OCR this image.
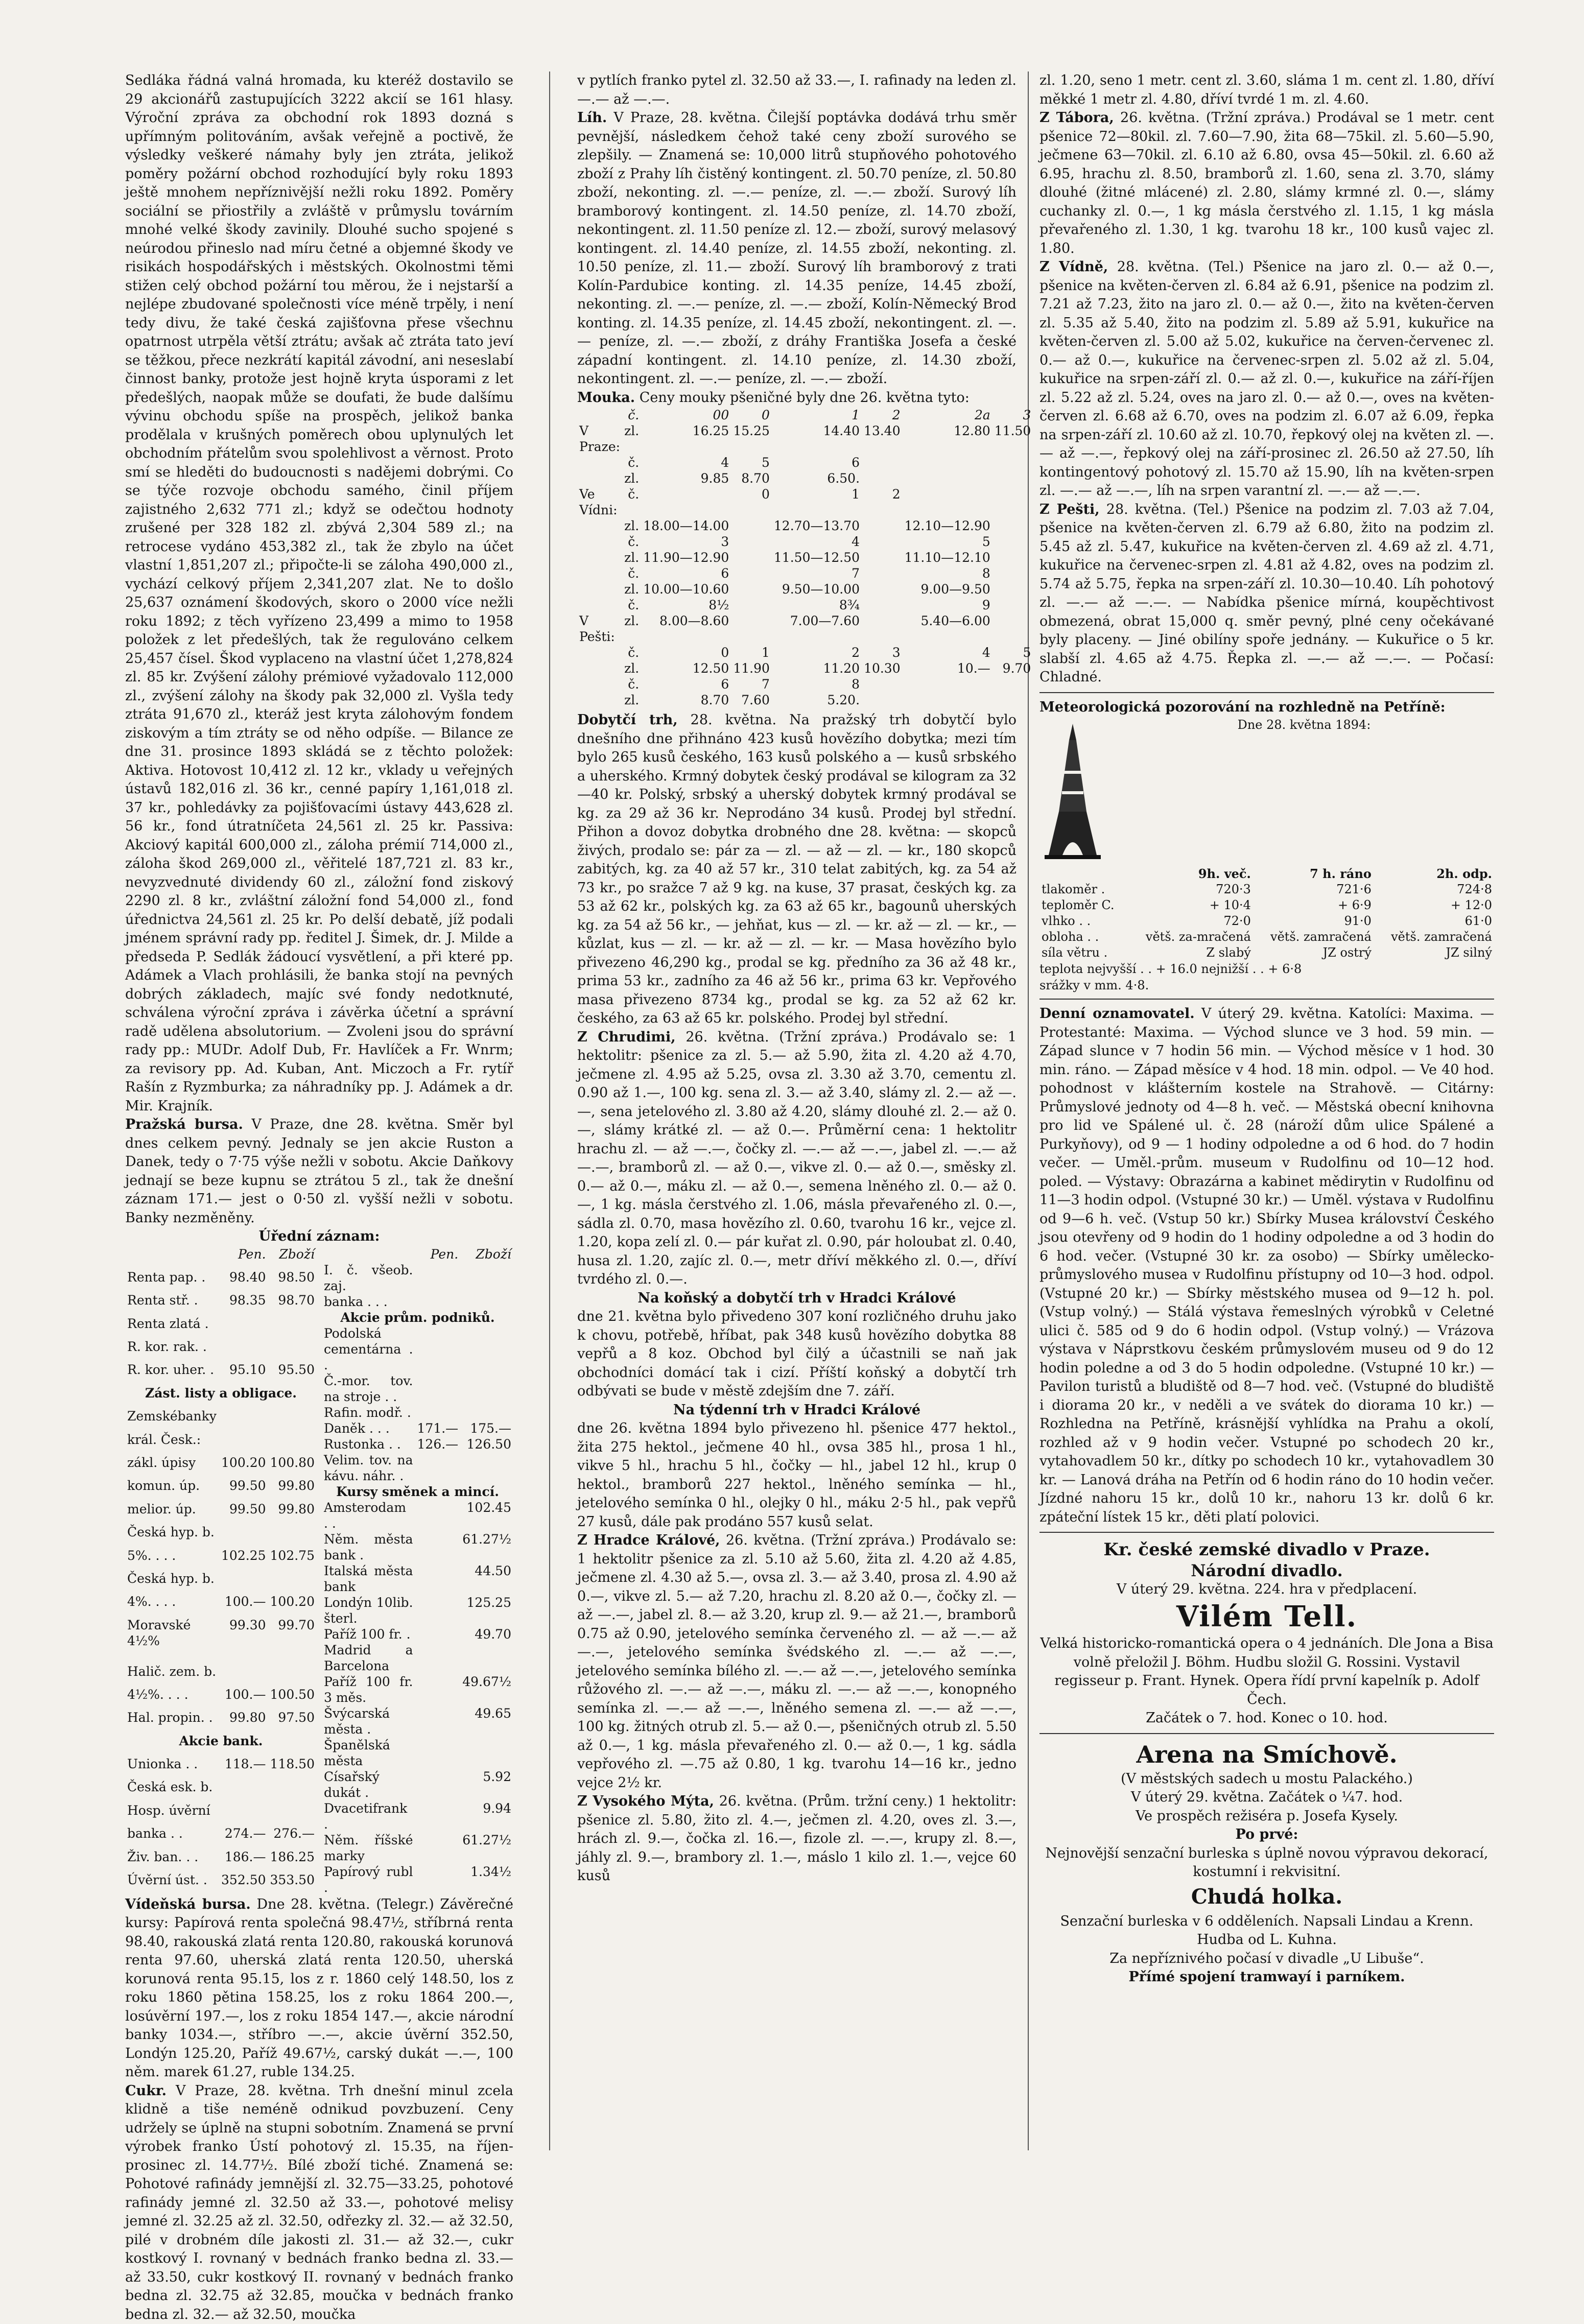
Sedláka řádná valná hromada, ku kteréž dostavilo se 29 akcionářů zastupujících 3222 akcií se 161 hlasy. Výroční zpráva za obchodní rok 1893 dozná s upřímným politováním, avšak veřejně a poctivě, že výsledky veškeré námahy byly jen ztráta, jelikož poměry požární obchod rozhodující byly roku 1893 ještě mnohem nepříznivější nežli roku 1892. Poměry sociální se přiostřily a zvláště v průmyslu továrním mnohé velké škody zavinily. Dlouhé sucho spojené s neúrodou přineslo nad míru četné a objemné škody ve risikách hospodářských i městských. Okolnostmi těmi stižen celý obchod požární tou měrou, že i nejstarší a nejlépe zbudované společnosti více méně trpěly, i není tedy divu, že také česká zajišťovna přese všechnu opatrnost utrpěla větší ztrátu; avšak ač ztráta tato jeví se těžkou, přece nezkrátí kapitál závodní, ani neseslabí činnost banky, protože jest hojně kryta úsporami z let předešlých, naopak může se doufati, že bude dalšímu vývinu obchodu spíše na prospěch, jelikož banka prodělala v krušných poměrech obou uplynulých let obchodním přátelům svou spolehlivost a věrnost. Proto smí se hleděti do budoucnosti s nadějemi dobrými. Co se týče rozvoje obchodu samého, činil příjem zajistného 2,632 771 zl.; když se odečtou hodnoty zrušené per 328 182 zl. zbývá 2,304 589 zl.; na retrocese vydáno 453,382 zl., tak že zbylo na účet vlastní 1,851,207 zl.; připočte-li se záloha 490,000 zl., vychází celkový příjem 2,341,207 zlat. Ne to došlo 25,637 oznámení škodových, skoro o 2000 více nežli roku 1892; z těch vyřízeno 23,499 a mimo to 1958 položek z let předešlých, tak že regulováno celkem 25,457 čísel. Škod vyplaceno na vlastní účet 1,278,824 zl. 85 kr. Zvýšení zálohy prémiové vyžadovalo 112,000 zl., zvýšení zálohy na škody pak 32,000 zl. Vyšla tedy ztráta 91,670 zl., kteráž jest kryta zálohovým fondem ziskovým a tím ztráty se od něho odpíše. — Bilance ze dne 31. prosince 1893 skládá se z těchto položek: Aktiva. Hotovost 10,412 zl. 12 kr., vklady u veřejných ústavů 182,016 zl. 36 kr., cenné papíry 1,161,018 zl. 37 kr., pohledávky za pojišťovacími ústavy 443,628 zl. 56 kr., fond útratníčeta 24,561 zl. 25 kr. Passiva: Akciový kapitál 600,000 zl., záloha prémií 714,000 zl., záloha škod 269,000 zl., věřitelé 187,721 zl. 83 kr., nevyzvednuté dividendy 60 zl., záložní fond ziskový 2290 zl. 8 kr., zvláštní záložní fond 54,000 zl., fond úřednictva 24,561 zl. 25 kr. Po delší debatě, jíž podali jménem správní rady pp. ředitel J. Šimek, dr. J. Milde a předseda P. Sedlák žádoucí vysvětlení, a při které pp. Adámek a Vlach prohlásili, že banka stojí na pevných dobrých základech, majíc své fondy nedotknuté, schválena výroční zpráva i závěrka účetní a správní radě udělena absolutorium. — Zvoleni jsou do správní rady pp.: MUDr. Adolf Dub, Fr. Havlíček a Fr. Wnrm; za revisory pp. Ad. Kuban, Ant. Miczoch a Fr. rytíř Rašín z Ryzmburka; za náhradníky pp. J. Adámek a dr. Mir. Krajník.

Pražská bursa. V Praze, dne 28. května. Směr byl dnes celkem pevný. Jednaly se jen akcie Ruston a Danek, tedy o 7·75 výše nežli v sobotu. Akcie Daňkovy jednají se beze kupnu se ztrátou 5 zl., tak že dnešní záznam 171.— jest o 0·50 zl. vyšší nežli v sobotu. Banky nezměněny.

Úřední záznam:
	Pen.	Zboží
Renta pap. .	98.40	98.50
Renta stř. .	98.35	98.70
Renta zlatá .		
R. kor. rak. .		
R. kor. uher. .	95.10	95.50
Zást. listy a obligace.		
Zemskébanky		
král. Česk.:		
zákl. úpisy	100.20	100.80
komun. úp.	99.50	99.80
melior. úp.	99.50	99.80
Česká hyp. b.		
5%. . . .	102.25	102.75
Česká hyp. b.		
4%. . . .	100.—	100.20
Moravské 4½%	99.30	99.70
Halič. zem. b.		
4½%. . . .	100.—	100.50
Hal. propin. .	99.80	97.50
Akcie bank.		
Unionka . .	118.—	118.50
Česká esk. b.		
Hosp. úvěrní		
banka . .	274.—	276.—
Živ. ban. . .	186.—	186.25
Úvěrní úst. .	352.50	353.50
	Pen.	Zboží
I. č. všeob. zaj.		
banka . . .		
Akcie prům. podniků.		
Podolská cementárna . .		
Č.-mor. tov. na stroje . .		
Rafin. modř. .		
Daněk . . .	171.—	175.—
Rustonka . .	126.—	126.50
Velim. tov. na kávu. náhr. .		
Kursy směnek a mincí.		
Amsterodam . .		102.45
Něm. města bank .		61.27½
Italská města bank		44.50
Londýn 10lib. šterl.		125.25
Paříž 100 fr. .		49.70
Madrid a Barcelona		
Paříž 100 fr. 3 měs.		49.67½
Švýcarská města .		49.65
Španělská města		
Císařský dukát .		5.92
Dvacetifrank .		9.94
Něm. říšské marky		61.27½
Papírový rubl .		1.34½

Vídeňská bursa. Dne 28. května. (Telegr.) Závěrečné kursy: Papírová renta společná 98.47½, stříbrná renta 98.40, rakouská zlatá renta 120.80, rakouská korunová renta 97.60, uherská zlatá renta 120.50, uherská korunová renta 95.15, los z r. 1860 celý 148.50, los z roku 1860 pětina 158.25, los z roku 1864 200.—, losúvěrní 197.—, los z roku 1854 147.—, akcie národní banky 1034.—, stříbro —.—, akcie úvěrní 352.50, Londýn 125.20, Paříž 49.67½, carský dukát —.—, 100 něm. marek 61.27, ruble 134.25.

Cukr. V Praze, 28. května. Trh dnešní minul zcela klidně a tiše neméně odnikud povzbuzení. Ceny udržely se úplně na stupni sobotním. Znamená se první výrobek franko Ústí pohotový zl. 15.35, na říjen-prosinec zl. 14.77½. Bílé zboží tiché. Znamená se: Pohotové rafinády jemnější zl. 32.75—33.25, pohotové rafinády jemné zl. 32.50 až 33.—, pohotové melisy jemné zl. 32.25 až zl. 32.50, odřezky zl. 32.— až 32.50, pilé v drobném díle jakosti zl. 31.— až 32.—, cukr kostkový I. rovnaný v bednách franko bedna zl. 33.— až 33.50, cukr kostkový II. rovnaný v bednách franko bedna zl. 32.75 až 32.85, moučka v bednách franko bedna zl. 32.— až 32.50, moučka

v pytlích franko pytel zl. 32.50 až 33.—, I. rafinady na leden zl. —.— až —.—.

Líh. V Praze, 28. května. Čilejší poptávka dodává trhu směr pevnější, následkem čehož také ceny zboží surového se zlepšily. — Znamená se: 10,000 litrů stupňového pohotového zboží z Prahy líh čistěný kontingent. zl. 50.70 peníze, zl. 50.80 zboží, nekonting. zl. —.— peníze, zl. —.— zboží. Surový líh bramborový kontingent. zl. 14.50 peníze, zl. 14.70 zboží, nekontingent. zl. 11.50 peníze zl. 12.— zboží, surový melasový kontingent. zl. 14.40 peníze, zl. 14.55 zboží, nekonting. zl. 10.50 peníze, zl. 11.— zboží. Surový líh bramborový z trati Kolín-Pardubice konting. zl. 14.35 peníze, 14.45 zboží, nekonting. zl. —.— peníze, zl. —.— zboží, Kolín-Německý Brod konting. zl. 14.35 peníze, zl. 14.45 zboží, nekontingent. zl. —.— peníze, zl. —.— zboží, z dráhy Františka Josefa a české západní kontingent. zl. 14.10 peníze, zl. 14.30 zboží, nekontingent. zl. —.— peníze, zl. —.— zboží.

Mouka. Ceny mouky pšeničné byly dne 26. května tyto:

	č.	00	0	1	2	2a	3
V Praze:	zl.	16.25	15.25	14.40	13.40	12.80	11.50
	č.	4	5	6			
	zl.	9.85	8.70	6.50.			
Ve Vídni:	č.		0	1	2		
	zl.	18.00—14.00		12.70—13.70		12.10—12.90	
	č.	3		4		5	
	zl.	11.90—12.90		11.50—12.50		11.10—12.10	
	č.	6		7		8	
	zl.	10.00—10.60		9.50—10.00		9.00—9.50	
	č.	8½		8¾		9	
V Pešti:	zl.	8.00—8.60		7.00—7.60		5.40—6.00	
	č.	0	1	2	3	4	5
	zl.	12.50	11.90	11.20	10.30	10.—	9.70
	č.	6	7	8			
	zl.	8.70	7.60	5.20.			

Dobytčí trh, 28. května. Na pražský trh dobytčí bylo dnešního dne přihnáno 423 kusů hovězího dobytka; mezi tím bylo 265 kusů českého, 163 kusů polského a — kusů srbského a uherského. Krmný dobytek český prodával se kilogram za 32—40 kr. Polský, srbský a uherský dobytek krmný prodával se kg. za 29 až 36 kr. Neprodáno 34 kusů. Prodej byl střední. Přihon a dovoz dobytka drobného dne 28. května: — skopců živých, prodalo se: pár za — zl. — až — zl. — kr., 180 skopců zabitých, kg. za 40 až 57 kr., 310 telat zabitých, kg. za 54 až 73 kr., po sražce 7 až 9 kg. na kuse, 37 prasat, českých kg. za 53 až 62 kr., polských kg. za 63 až 65 kr., bagounů uherských kg. za 54 až 56 kr., — jehňat, kus — zl. — kr. až — zl. — kr., — kůzlat, kus — zl. — kr. až — zl. — kr. — Masa hovězího bylo přivezeno 46,290 kg., prodal se kg. předního za 36 až 48 kr., prima 53 kr., zadního za 46 až 56 kr., prima 63 kr. Vepřového masa přivezeno 8734 kg., prodal se kg. za 52 až 62 kr. českého, za 63 až 65 kr. polského. Prodej byl střední.

Z Chrudimi, 26. května. (Tržní zpráva.) Prodávalo se: 1 hektolitr: pšenice za zl. 5.— až 5.90, žita zl. 4.20 až 4.70, ječmene zl. 4.95 až 5.25, ovsa zl. 3.30 až 3.70, cementu zl. 0.90 až 1.—, 100 kg. sena zl. 3.— až 3.40, slámy zl. 2.— až —.—, sena jetelového zl. 3.80 až 4.20, slámy dlouhé zl. 2.— až 0.—, slámy krátké zl. — až 0.—. Průměrní cena: 1 hektolitr hrachu zl. — až —.—, čočky zl. —.— až —.—, jabel zl. —.— až —.—, bramborů zl. — až 0.—, vikve zl. 0.— až 0.—, směsky zl. 0.— až 0.—, máku zl. — až 0.—, semena lněného zl. 0.— až 0.—, 1 kg. másla čerstvého zl. 1.06, másla převařeného zl. 0.—, sádla zl. 0.70, masa hovězího zl. 0.60, tvarohu 16 kr., vejce zl. 1.20, kopa zelí zl. 0.— pár kuřat zl. 0.90, pár holoubat zl. 0.40, husa zl. 1.20, zajíc zl. 0.—, metr dříví měkkého zl. 0.—, dříví tvrdého zl. 0.—.

Na koňský a dobytčí trh v Hradci Králové

dne 21. května bylo přivedeno 307 koní rozličného druhu jako k chovu, potřebě, hříbat, pak 348 kusů hovězího dobytka 88 vepřů a 8 koz. Obchod byl čilý a účastnili se naň jak obchodníci domácí tak i cizí. Příští koňský a dobytčí trh odbývati se bude v městě zdejším dne 7. září.

Na týdenní trh v Hradci Králové

dne 26. května 1894 bylo přivezeno hl. pšenice 477 hektol., žita 275 hektol., ječmene 40 hl., ovsa 385 hl., prosa 1 hl., vikve 5 hl., hrachu 5 hl., čočky — hl., jabel 12 hl., krup 0 hektol., bramborů 227 hektol., lněného semínka — hl., jetelového semínka 0 hl., olejky 0 hl., máku 2·5 hl., pak vepřů 27 kusů, dále pak prodáno 557 kusů selat.

Z Hradce Králové, 26. května. (Tržní zpráva.) Prodávalo se: 1 hektolitr pšenice za zl. 5.10 až 5.60, žita zl. 4.20 až 4.85, ječmene zl. 4.30 až 5.—, ovsa zl. 3.— až 3.40, prosa zl. 4.90 až 0.—, vikve zl. 5.— až 7.20, hrachu zl. 8.20 až 0.—, čočky zl. — až —.—, jabel zl. 8.— až 3.20, krup zl. 9.— až 21.—, bramborů 0.75 až 0.90, jetelového semínka červeného zl. — až —.— až —.—, jetelového semínka švédského zl. —.— až —.—, jetelového semínka bílého zl. —.— až —.—, jetelového semínka růžového zl. —.— až —.—, máku zl. —.— až —.—, konopného semínka zl. —.— až —.—, lněného semena zl. —.— až —.—, 100 kg. žitných otrub zl. 5.— až 0.—, pšeničných otrub zl. 5.50 až 0.—, 1 kg. másla převařeného zl. 0.— až 0.—, 1 kg. sádla vepřového zl. —.75 až 0.80, 1 kg. tvarohu 14—16 kr., jedno vejce 2½ kr.

Z Vysokého Mýta, 26. května. (Prům. tržní ceny.) 1 hektolitr: pšenice zl. 5.80, žito zl. 4.—, ječmen zl. 4.20, oves zl. 3.—, hrách zl. 9.—, čočka zl. 16.—, fizole zl. —.—, krupy zl. 8.—, jáhly zl. 9.—, brambory zl. 1.—, máslo 1 kilo zl. 1.—, vejce 60 kusů

zl. 1.20, seno 1 metr. cent zl. 3.60, sláma 1 m. cent zl. 1.80, dříví měkké 1 metr zl. 4.80, dříví tvrdé 1 m. zl. 4.60.

Z Tábora, 26. května. (Tržní zpráva.) Prodával se 1 metr. cent pšenice 72—80kil. zl. 7.60—7.90, žita 68—75kil. zl. 5.60—5.90, ječmene 63—70kil. zl. 6.10 až 6.80, ovsa 45—50kil. zl. 6.60 až 6.95, hrachu zl. 8.50, bramborů zl. 1.60, sena zl. 3.70, slámy dlouhé (žitné mlácené) zl. 2.80, slámy krmné zl. 0.—, slámy cuchanky zl. 0.—, 1 kg másla čerstvého zl. 1.15, 1 kg másla převařeného zl. 1.30, 1 kg. tvarohu 18 kr., 100 kusů vajec zl. 1.80.

Z Vídně, 28. května. (Tel.) Pšenice na jaro zl. 0.— až 0.—, pšenice na květen-červen zl. 6.84 až 6.91, pšenice na podzim zl. 7.21 až 7.23, žito na jaro zl. 0.— až 0.—, žito na květen-červen zl. 5.35 až 5.40, žito na podzim zl. 5.89 až 5.91, kukuřice na květen-červen zl. 5.00 až 5.02, kukuřice na červen-červenec zl. 0.— až 0.—, kukuřice na červenec-srpen zl. 5.02 až zl. 5.04, kukuřice na srpen-září zl. 0.— až zl. 0.—, kukuřice na září-říjen zl. 5.22 až zl. 5.24, oves na jaro zl. 0.— až 0.—, oves na květen-červen zl. 6.68 až 6.70, oves na podzim zl. 6.07 až 6.09, řepka na srpen-září zl. 10.60 až zl. 10.70, řepkový olej na květen zl. —.— až —.—, řepkový olej na září-prosinec zl. 26.50 až 27.50, líh kontingentový pohotový zl. 15.70 až 15.90, líh na květen-srpen zl. —.— až —.—, líh na srpen varantní zl. —.— až —.—.

Z Pešti, 28. května. (Tel.) Pšenice na podzim zl. 7.03 až 7.04, pšenice na květen-červen zl. 6.79 až 6.80, žito na podzim zl. 5.45 až zl. 5.47, kukuřice na květen-červen zl. 4.69 až zl. 4.71, kukuřice na červenec-srpen zl. 4.81 až 4.82, oves na podzim zl. 5.74 až 5.75, řepka na srpen-září zl. 10.30—10.40. Líh pohotový zl. —.— až —.—. — Nabídka pšenice mírná, koupěchtivost obmezená, obrat 15,000 q. směr pevný, plné ceny očekávané byly placeny. — Jiné obilíny spoře jednány. — Kukuřice o 5 kr. slabší zl. 4.65 až 4.75. Řepka zl. —.— až —.—. — Počasí: Chladné.

Meteorologická pozorování na rozhledně na Petříně:
Dne 28. května 1894:
	9h. več.	7 h. ráno	2h. odp.
tlakoměr .	720·3	721·6	724·8
teploměr C.	+ 10·4	+ 6·9	+ 12·0
vlhko . .	72·0	91·0	61·0
obloha . .	větš. za-mračená	větš. zamračená	větš. zamračená
síla větru .	Z slabý	JZ ostrý	JZ silný
teplota nejvyšší . . + 16.0 nejnižší . . + 6·8
srážky v mm. 4·8.

Denní oznamovatel. V úterý 29. května. Katolíci: Maxima. — Protestanté: Maxima. — Východ slunce ve 3 hod. 59 min. — Západ slunce v 7 hodin 56 min. — Východ měsíce v 1 hod. 30 min. ráno. — Západ měsíce v 4 hod. 18 min. odpol. — Ve 40 hod. pohodnost v klášterním kostele na Strahově. — Citárny: Průmyslové jednoty od 4—8 h. več. — Městská obecní knihovna pro lid ve Spálené ul. č. 28 (nároží dům ulice Spálené a Purkyňovy), od 9 — 1 hodiny odpoledne a od 6 hod. do 7 hodin večer. — Uměl.-prům. museum v Rudolfinu od 10—12 hod. poled. — Výstavy: Obrazárna a kabinet mědirytin v Rudolfinu od 11—3 hodin odpol. (Vstupné 30 kr.) — Uměl. výstava v Rudolfinu od 9—6 h. več. (Vstup 50 kr.) Sbírky Musea království Českého jsou otevřeny od 9 hodin do 1 hodiny odpoledne a od 3 hodin do 6 hod. večer. (Vstupné 30 kr. za osobo) — Sbírky umělecko-průmyslového musea v Rudolfinu přístupny od 10—3 hod. odpol. (Vstupné 20 kr.) — Sbírky městského musea od 9—12 h. pol. (Vstup volný.) — Stálá výstava řemeslných výrobků v Celetné ulici č. 585 od 9 do 6 hodin odpol. (Vstup volný.) — Vrázova výstava v Náprstkovu českém průmyslovém museu od 9 do 12 hodin poledne a od 3 do 5 hodin odpoledne. (Vstupné 10 kr.) — Pavilon turistů a bludiště od 8—7 hod. več. (Vstupné do bludiště i diorama 20 kr., v neděli a ve svátek do diorama 10 kr.) — Rozhledna na Petříně, krásnější vyhlídka na Prahu a okolí, rozhled až v 9 hodin večer. Vstupné po schodech 20 kr., vytahovadlem 50 kr., dítky po schodech 10 kr., vytahovadlem 30 kr. — Lanová dráha na Petřín od 6 hodin ráno do 10 hodin večer. Jízdné nahoru 15 kr., dolů 10 kr., nahoru 13 kr. dolů 6 kr. zpáteční lístek 15 kr., děti platí polovici.

Kr. české zemské divadlo v Praze.
Národní divadlo.
V úterý 29. května. 224. hra v předplacení.
Vilém Tell.
Velká historicko-romantická opera o 4 jednáních. Dle Jona a Bisa volně přeložil J. Böhm. Hudbu složil G. Rossini. Vystavil regisseur p. Frant. Hynek. Opera řídí první kapelník p. Adolf Čech.
Začátek o 7. hod. Konec o 10. hod.
Arena na Smíchově.
(V městských sadech u mostu Palackého.)
V úterý 29. května. Začátek o ¼7. hod.
Ve prospěch režiséra p. Josefa Kysely.
Po prvé:
Nejnovější senzační burleska s úplně novou výpravou dekorací, kostumní i rekvisitní.
Chudá holka.
Senzační burleska v 6 odděleních. Napsali Lindau a Krenn. Hudba od L. Kuhna.
Za nepříznivého počasí v divadle „U Libuše“.
Přímé spojení tramwayí i parníkem.
